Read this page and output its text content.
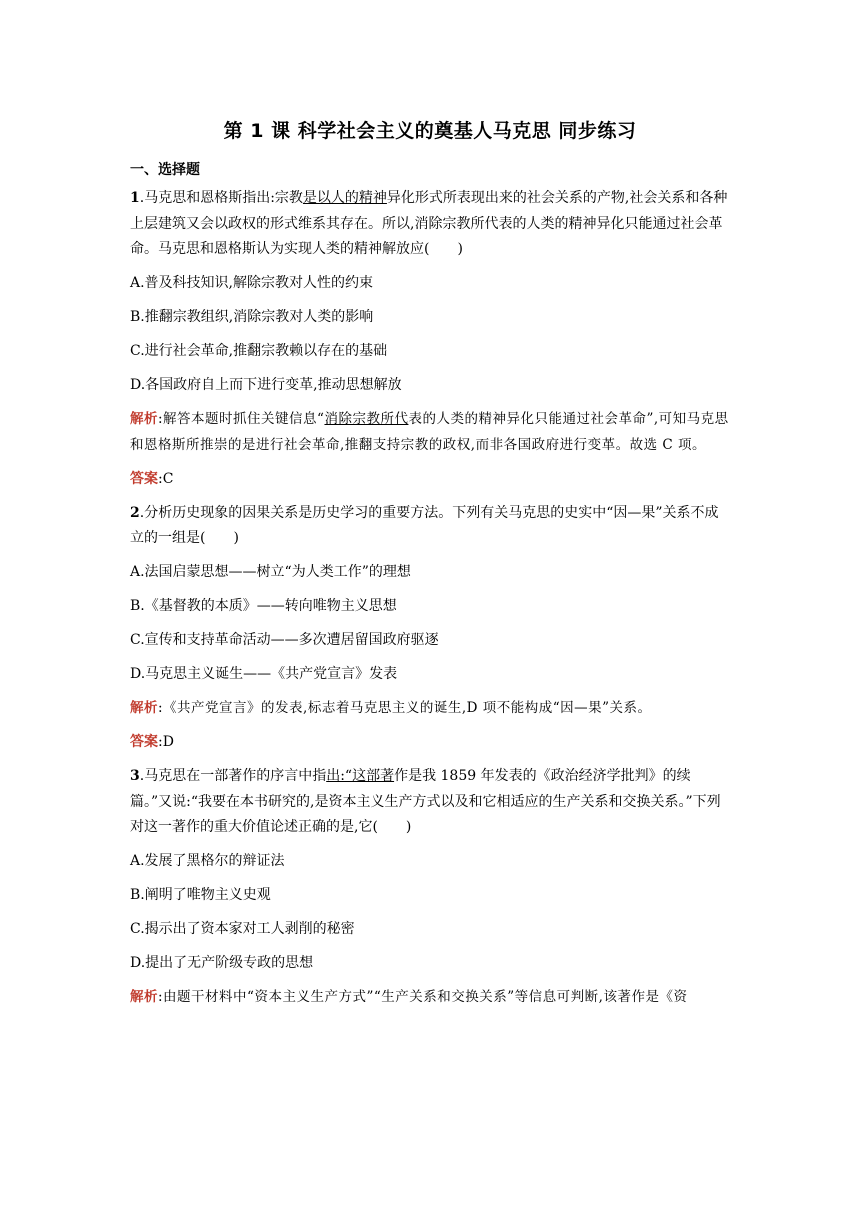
第 1 课 科学社会主义的奠基人马克思 同步练习
一、选择题

1.马克思和恩格斯指出:宗教是以人的精神异化形式所表现出来的社会关系的产物,社会关系和各种上层建筑又会以政权的形式维系其存在。所以,消除宗教所代表的人类的精神异化只能通过社会革命。马克思和恩格斯认为实现人类的精神解放应(　　)

A.普及科技知识,解除宗教对人性的约束

B.推翻宗教组织,消除宗教对人类的影响

C.进行社会革命,推翻宗教赖以存在的基础

D.各国政府自上而下进行变革,推动思想解放

解析:解答本题时抓住关键信息“消除宗教所代表的人类的精神异化只能通过社会革命”,可知马克思和恩格斯所推崇的是进行社会革命,推翻支持宗教的政权,而非各国政府进行变革。故选 C 项。

答案:C

2.分析历史现象的因果关系是历史学习的重要方法。下列有关马克思的史实中“因—果”关系不成立的一组是(　　)

A.法国启蒙思想——树立“为人类工作”的理想

B.《基督教的本质》——转向唯物主义思想

C.宣传和支持革命活动——多次遭居留国政府驱逐

D.马克思主义诞生——《共产党宣言》发表

解析:《共产党宣言》的发表,标志着马克思主义的诞生,D 项不能构成“因—果”关系。

答案:D

3.马克思在一部著作的序言中指出:“这部著作是我 1859 年发表的《政治经济学批判》的续篇。”又说:“我要在本书研究的,是资本主义生产方式以及和它相适应的生产关系和交换关系。”下列对这一著作的重大价值论述正确的是,它(　　)

A.发展了黑格尔的辩证法

B.阐明了唯物主义史观

C.揭示出了资本家对工人剥削的秘密

D.提出了无产阶级专政的思想

解析:由题干材料中“资本主义生产方式”“生产关系和交换关系”等信息可判断,该著作是《资
